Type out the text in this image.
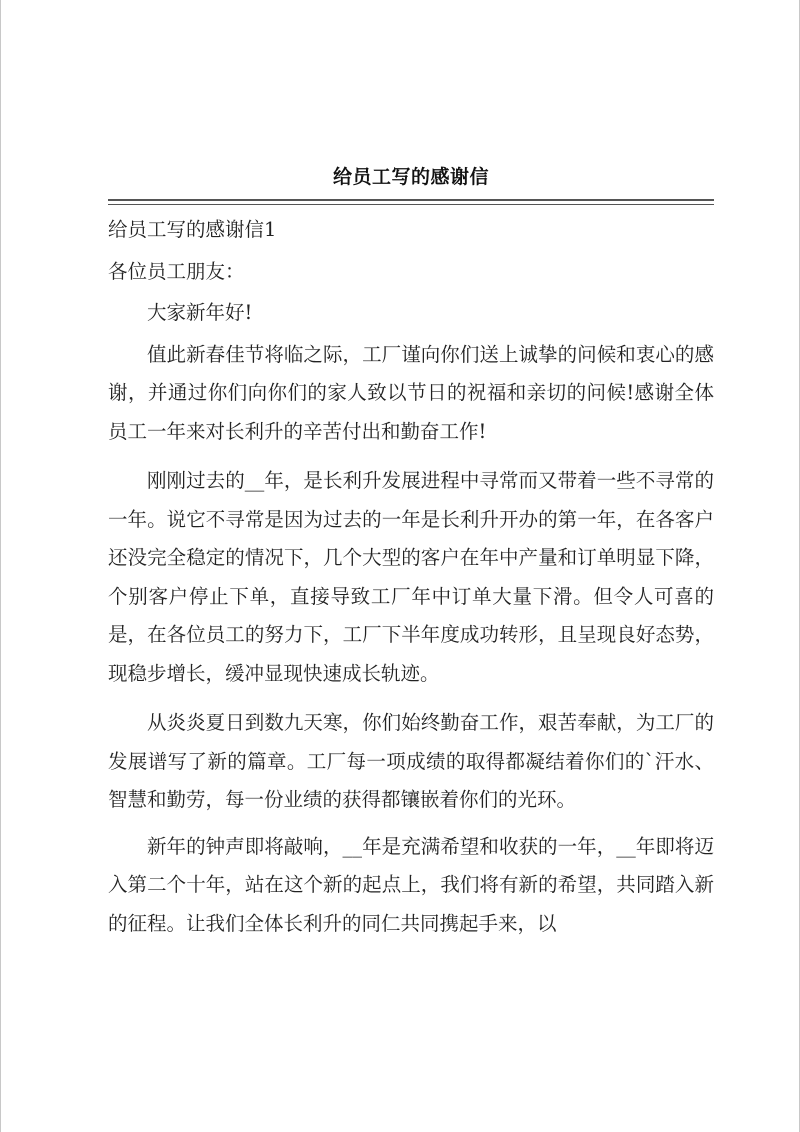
给员工写的感谢信

给员工写的感谢信1

各位员工朋友：

大家新年好!

值此新春佳节将临之际，工厂谨向你们送上诚挚的问候和衷心的感谢，并通过你们向你们的家人致以节日的祝福和亲切的问候!感谢全体员工一年来对长利升的辛苦付出和勤奋工作!

刚刚过去的__年，是长利升发展进程中寻常而又带着一些不寻常的一年。说它不寻常是因为过去的一年是长利升开办的第一年，在各客户还没完全稳定的情况下，几个大型的客户在年中产量和订单明显下降，个别客户停止下单，直接导致工厂年中订单大量下滑。但令人可喜的是，在各位员工的努力下，工厂下半年度成功转形，且呈现良好态势，现稳步增长，缓冲显现快速成长轨迹。

从炎炎夏日到数九天寒，你们始终勤奋工作，艰苦奉献，为工厂的发展谱写了新的篇章。工厂每一项成绩的取得都凝结着你们的`汗水、智慧和勤劳，每一份业绩的获得都镶嵌着你们的光环。

新年的钟声即将敲响，__年是充满希望和收获的一年，__年即将迈入第二个十年，站在这个新的起点上，我们将有新的希望，共同踏入新的征程。让我们全体长利升的同仁共同携起手来，以
